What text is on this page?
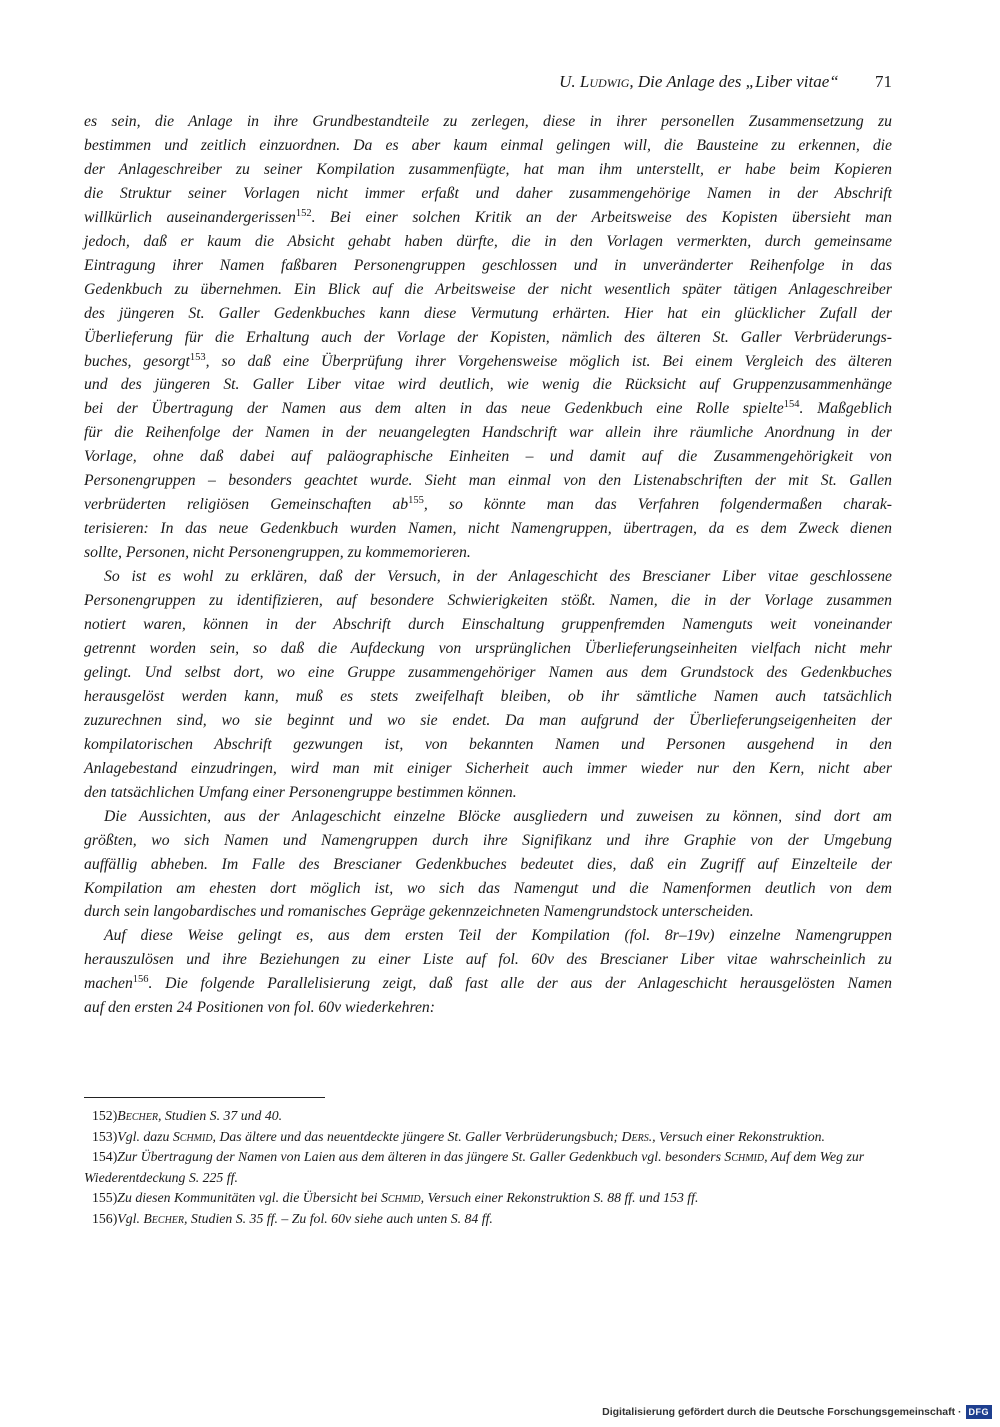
U. Ludwig, Die Anlage des „Liber vitae“ 71

es sein, die Anlage in ihre Grundbestandteile zu zerlegen, diese in ihrer personellen Zusammensetzung zu
bestimmen und zeitlich einzuordnen. Da es aber kaum einmal gelingen will, die Bausteine zu erkennen, die
der Anlageschreiber zu seiner Kompilation zusammenfügte, hat man ihm unterstellt, er habe beim Kopieren
die Struktur seiner Vorlagen nicht immer erfaßt und daher zusammengehörige Namen in der Abschrift
willkürlich auseinandergerissen$^{152}$. Bei einer solchen Kritik an der Arbeitsweise des Kopisten übersieht man
jedoch, daß er kaum die Absicht gehabt haben dürfte, die in den Vorlagen vermerkten, durch gemeinsame
Eintragung ihrer Namen faßbaren Personengruppen geschlossen und in unveränderter Reihenfolge in das
Gedenkbuch zu übernehmen. Ein Blick auf die Arbeitsweise der nicht wesentlich später tätigen Anlageschreiber
des jüngeren St. Galler Gedenkbuches kann diese Vermutung erhärten. Hier hat ein glücklicher Zufall der
Überlieferung für die Erhaltung auch der Vorlage der Kopisten, nämlich des älteren St. Galler Verbrüderungs-
buches, gesorgt$^{153}$, so daß eine Überprüfung ihrer Vorgehensweise möglich ist. Bei einem Vergleich des älteren
und des jüngeren St. Galler Liber vitae wird deutlich, wie wenig die Rücksicht auf Gruppenzusammenhänge
bei der Übertragung der Namen aus dem alten in das neue Gedenkbuch eine Rolle spielte$^{154}$. Maßgeblich
für die Reihenfolge der Namen in der neuangelegten Handschrift war allein ihre räumliche Anordnung in der
Vorlage, ohne daß dabei auf paläographische Einheiten – und damit auf die Zusammengehörigkeit von
Personengruppen – besonders geachtet wurde. Sieht man einmal von den Listenabschriften der mit St. Gallen
verbrüderten religiösen Gemeinschaften $ab^{155}$, so könnte man das Verfahren folgendermaßen charak-
terisieren: In das neue Gedenkbuch wurden Namen, nicht Namengruppen, übertragen, da es dem Zweck dienen
sollte, Personen, nicht Personengruppen, zu kommemorieren.

So ist es wohl zu erklären, daß der Versuch, in der Anlageschicht des Brescianer Liber vitae geschlossene
Personengruppen zu identifizieren, auf besondere Schwierigkeiten stößt. Namen, die in der Vorlage zusammen
notiert waren, können in der Abschrift durch Einschaltung gruppenfremden Namenguts weit voneinander
getrennt worden sein, so daß die Aufdeckung von ursprünglichen Überlieferungseinheiten vielfach nicht mehr
gelingt. Und selbst dort, wo eine Gruppe zusammengehöriger Namen aus dem Grundstock des Gedenkbuches
herausgelöst werden kann, muß es stets zweifelhaft bleiben, ob ihr sämtliche Namen auch tatsächlich
zuzurechnen sind, wo sie beginnt und wo sie endet. Da man aufgrund der Überlieferungseigenheiten der
kompilatorischen Abschrift gezwungen ist, von bekannten Namen und Personen ausgehend in den
Anlagebestand einzudringen, wird man mit einiger Sicherheit auch immer wieder nur den Kern, nicht aber
den tatsächlichen Umfang einer Personengruppe bestimmen können.

Die Aussichten, aus der Anlageschicht einzelne Blöcke ausgliedern und zuweisen zu können, sind dort am
größten, wo sich Namen und Namengruppen durch ihre Signifikanz und ihre Graphie von der Umgebung
auffällig abheben. Im Falle des Brescianer Gedenkbuches bedeutet dies, daß ein Zugriff auf Einzelteile der
Kompilation am ehesten dort möglich ist, wo sich das Namengut und die Namenformen deutlich von dem
durch sein langobardisches und romanisches Gepräge gekennzeichneten Namengrundstock unterscheiden.

Auf diese Weise gelingt es, aus dem ersten Teil der Kompilation (fol. 8r–19v) einzelne Namengruppen
herauszulösen und ihre Beziehungen zu einer Liste auf fol. 60v des Brescianer Liber vitae wahrscheinlich zu
machen$^{156}$. Die folgende Parallelisierung zeigt, daß fast alle der aus der Anlageschicht herausgelösten Namen
auf den ersten 24 Positionen von fol. 60v wiederkehren:

152)Becher, Studien S. 37 und 40.
153)Vgl. dazu Schmid, Das ältere und das neuentdeckte jüngere St. Galler Verbrüderungsbuch; Ders., Versuch einer Rekonstruktion.
154)Zur Übertragung der Namen von Laien aus dem älteren in das jüngere St. Galler Gedenkbuch vgl. besonders Schmid, Auf dem Weg zur Wiederentdeckung S. 225 ff.
155)Zu diesen Kommunitäten vgl. die Übersicht bei Schmid, Versuch einer Rekonstruktion S. 88 ff. und 153 ff.
156)Vgl. Becher, Studien S. 35 ff. – Zu fol. 60v siehe auch unten S. 84 ff.
Digitalisierung gefördert durch die Deutsche Forschungsgemeinschaft · DFG
